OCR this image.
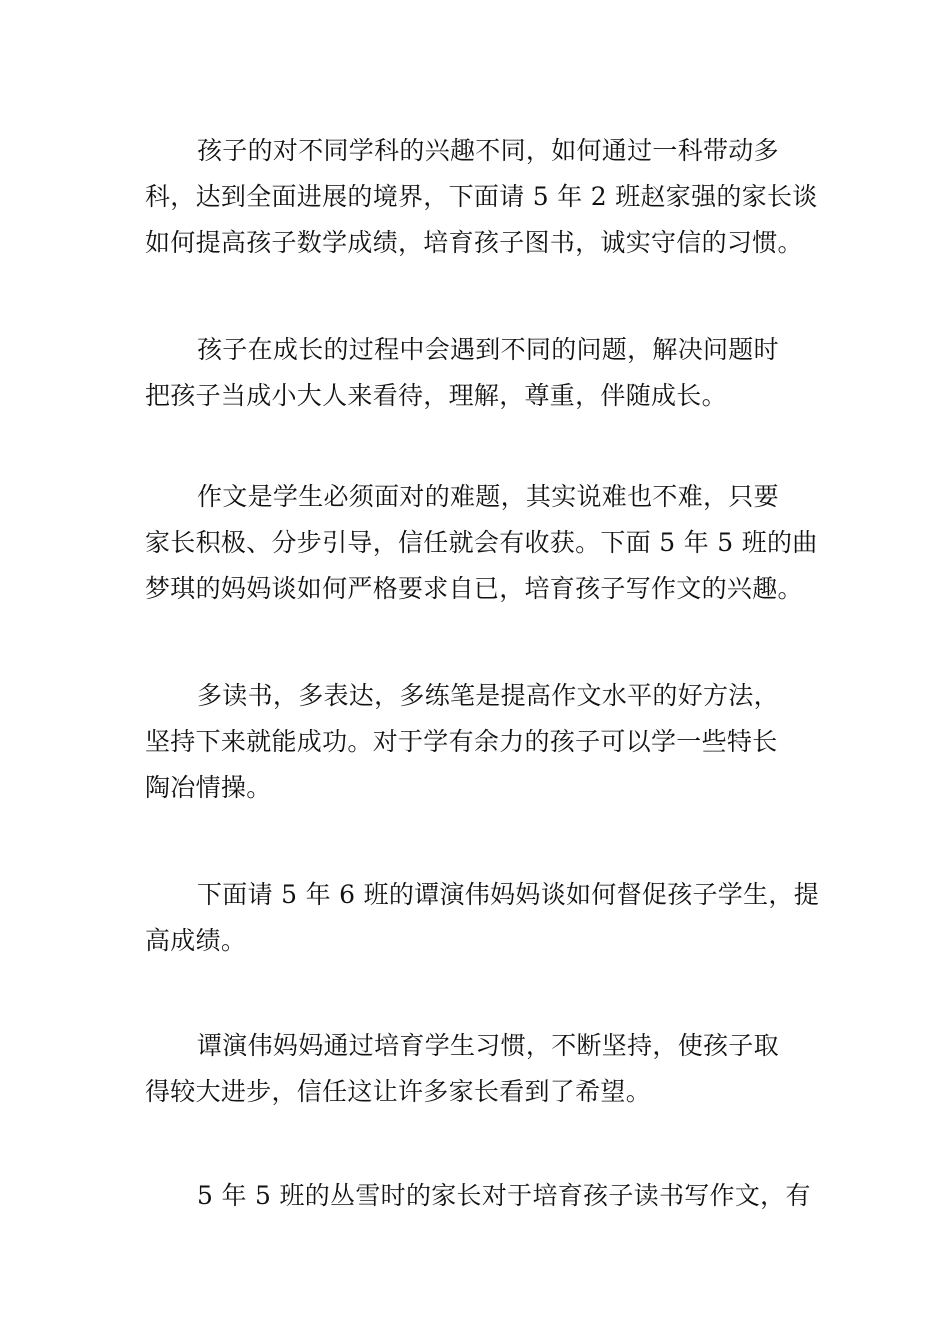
孩子的对不同学科的兴趣不同，如何通过一科带动多
科，达到全面进展的境界，下面请 5 年 2 班赵家强的家长谈
如何提高孩子数学成绩，培育孩子图书，诚实守信的习惯。
孩子在成长的过程中会遇到不同的问题，解决问题时
把孩子当成小大人来看待，理解，尊重，伴随成长。
作文是学生必须面对的难题，其实说难也不难，只要
家长积极、分步引导，信任就会有收获。下面 5 年 5 班的曲
梦琪的妈妈谈如何严格要求自已，培育孩子写作文的兴趣。
多读书，多表达，多练笔是提高作文水平的好方法，
坚持下来就能成功。对于学有余力的孩子可以学一些特长
陶冶情操。
下面请 5 年 6 班的谭演伟妈妈谈如何督促孩子学生，提
高成绩。
谭演伟妈妈通过培育学生习惯，不断坚持，使孩子取
得较大进步，信任这让许多家长看到了希望。
5 年 5 班的丛雪时的家长对于培育孩子读书写作文，有
